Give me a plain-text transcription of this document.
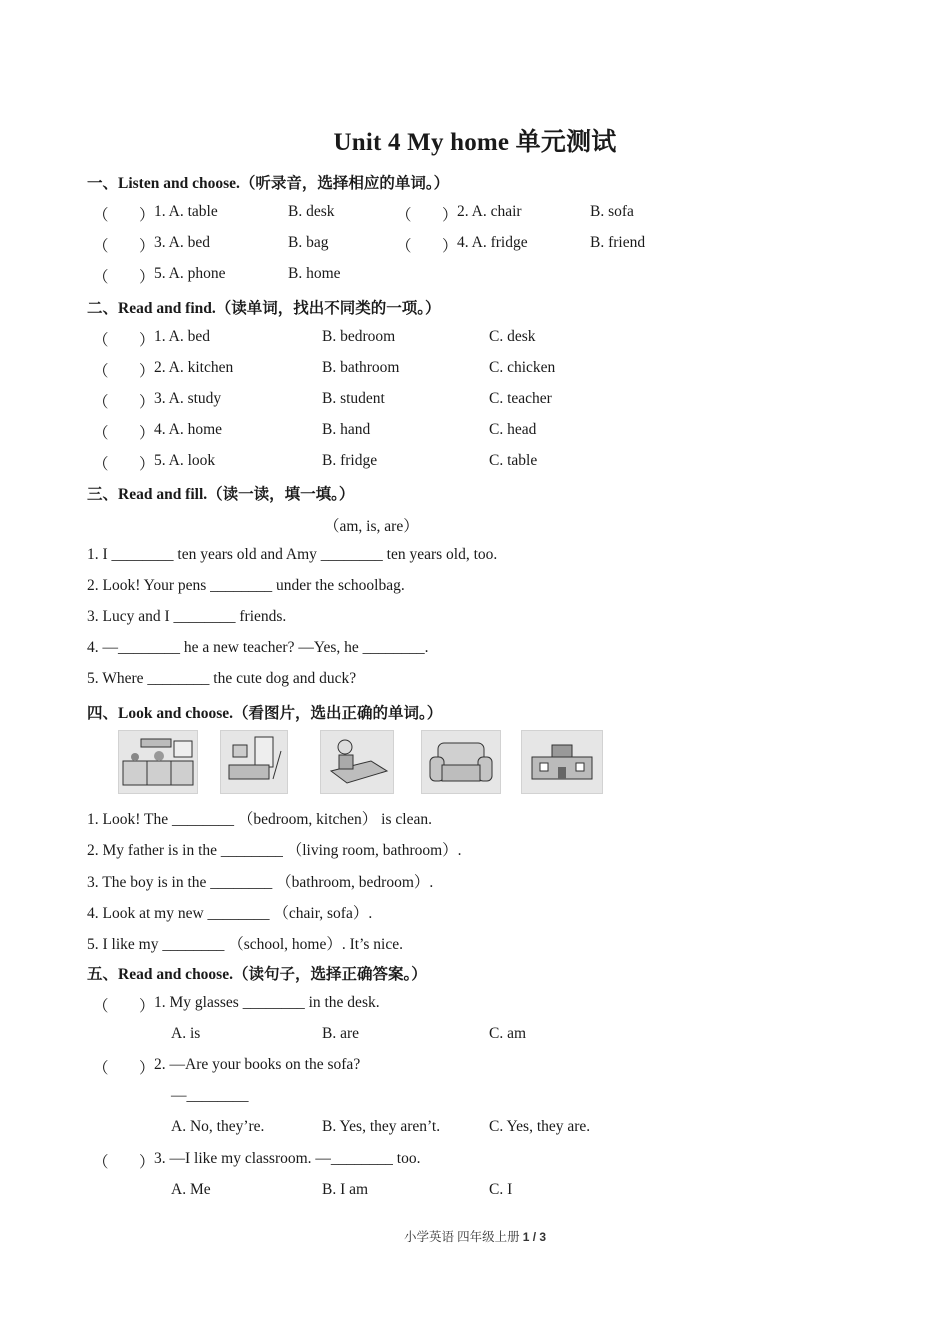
Unit 4 My home 单元测试
一、Listen and choose.（听录音，选择相应的单词。）
（ ） 1. A. table	B. desk	（ ） 2. A. chair	B. sofa
（ ） 3. A. bed	B. bag	（ ） 4. A. fridge	B. friend
（ ） 5. A. phone	B. home
二、Read and find.（读单词，找出不同类的一项。）
（ ） 1. A. bed	B. bedroom	C. desk
（ ） 2. A. kitchen	B. bathroom	C. chicken
（ ） 3. A. study	B. student	C. teacher
（ ） 4. A. home	B. hand	C. head
（ ） 5. A. look	B. fridge	C. table
三、Read and fill.（读一读，填一填。）
（am, is, are）
1. I ________ ten years old and Amy ________ ten years old, too.
2. Look! Your pens ________ under the schoolbag.
3. Lucy and I ________ friends.
4. —________ he a new teacher? —Yes, he ________.
5. Where ________ the cute dog and duck?
四、Look and choose.（看图片，选出正确的单词。）
1. Look! The ________ （bedroom, kitchen） is clean.
2. My father is in the ________ （living room, bathroom）.
3. The boy is in the ________ （bathroom, bedroom）.
4. Look at my new ________ （chair, sofa）.
5. I like my ________ （school, home）. It’s nice.
五、Read and choose.（读句子，选择正确答案。）
（ ） 1. My glasses ________ in the desk.
A. is	B. are	C. am
（ ） 2. —Are your books on the sofa?
—________
A. No, they’re.	B. Yes, they aren’t.	C. Yes, they are.
（ ） 3. —I like my classroom. —________ too.
A. Me	B. I am	C. I
小学英语 四年级上册 1 / 3
